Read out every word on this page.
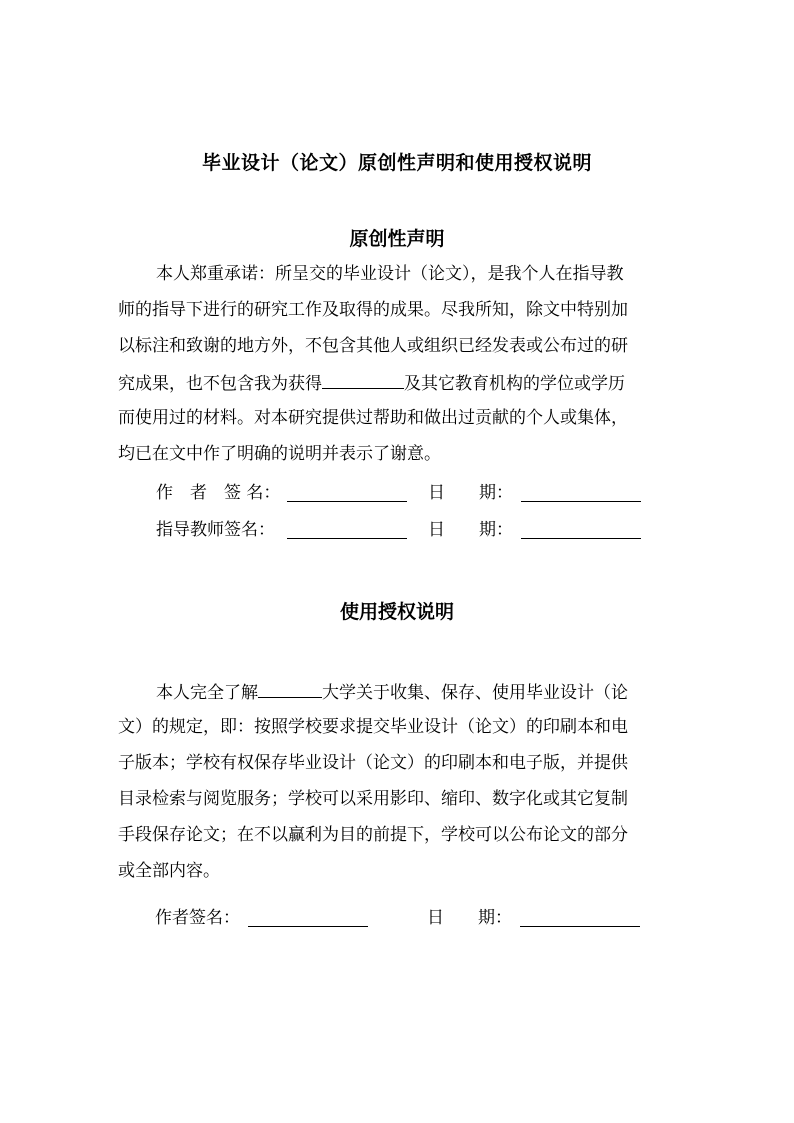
毕业设计（论文）原创性声明和使用授权说明
原创性声明
本人郑重承诺：所呈交的毕业设计（论文），是我个人在指导教
师的指导下进行的研究工作及取得的成果。尽我所知，除文中特别加
以标注和致谢的地方外，不包含其他人或组织已经发表或公布过的研
究成果，也不包含我为获得	及其它教育机构的学位或学历
而使用过的材料。对本研究提供过帮助和做出过贡献的个人或集体，
均已在文中作了明确的说明并表示了谢意。
作　者　签 名：	日　　期：
指导教师签名：	日　　期：
使用授权说明
本人完全了解	大学关于收集、保存、使用毕业设计（论
文）的规定，即：按照学校要求提交毕业设计（论文）的印刷本和电
子版本；学校有权保存毕业设计（论文）的印刷本和电子版，并提供
目录检索与阅览服务；学校可以采用影印、缩印、数字化或其它复制
手段保存论文；在不以赢利为目的前提下，学校可以公布论文的部分
或全部内容。
作者签名：	日　　期：
